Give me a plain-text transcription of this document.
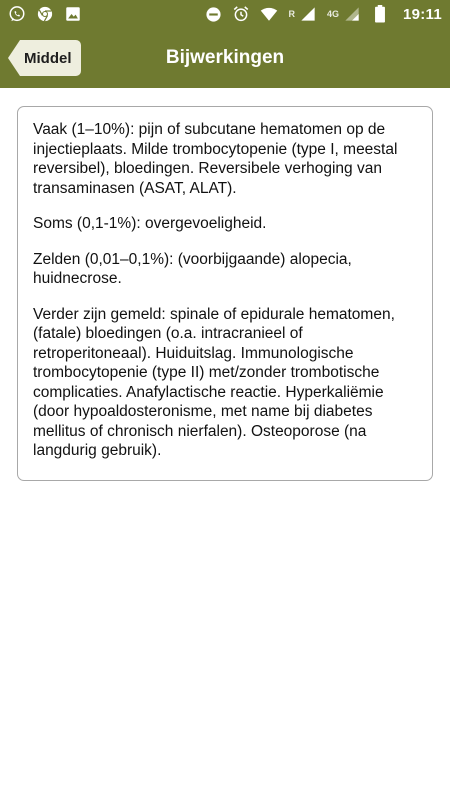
R	4G	19:11
Middel	Bijwerkingen

Vaak (1–10%): pijn of subcutane hematomen op de injectieplaats. Milde trombocytopenie (type I, meestal reversibel), bloedingen. Reversibele verhoging van transaminasen (ASAT, ALAT).

Soms (0,1-1%): overgevoeligheid.

Zelden (0,01–0,1%): (voorbijgaande) alopecia, huidnecrose.

Verder zijn gemeld: spinale of epidurale hematomen, (fatale) bloedingen (o.a. intracranieel of retroperitoneaal). Huiduitslag. Immunologische trombocytopenie (type II) met/zonder trombotische complicaties. Anafylactische reactie. Hyperkaliëmie (door hypoaldosteronisme, met name bij diabetes mellitus of chronisch nierfalen). Osteoporose (na langdurig gebruik).
